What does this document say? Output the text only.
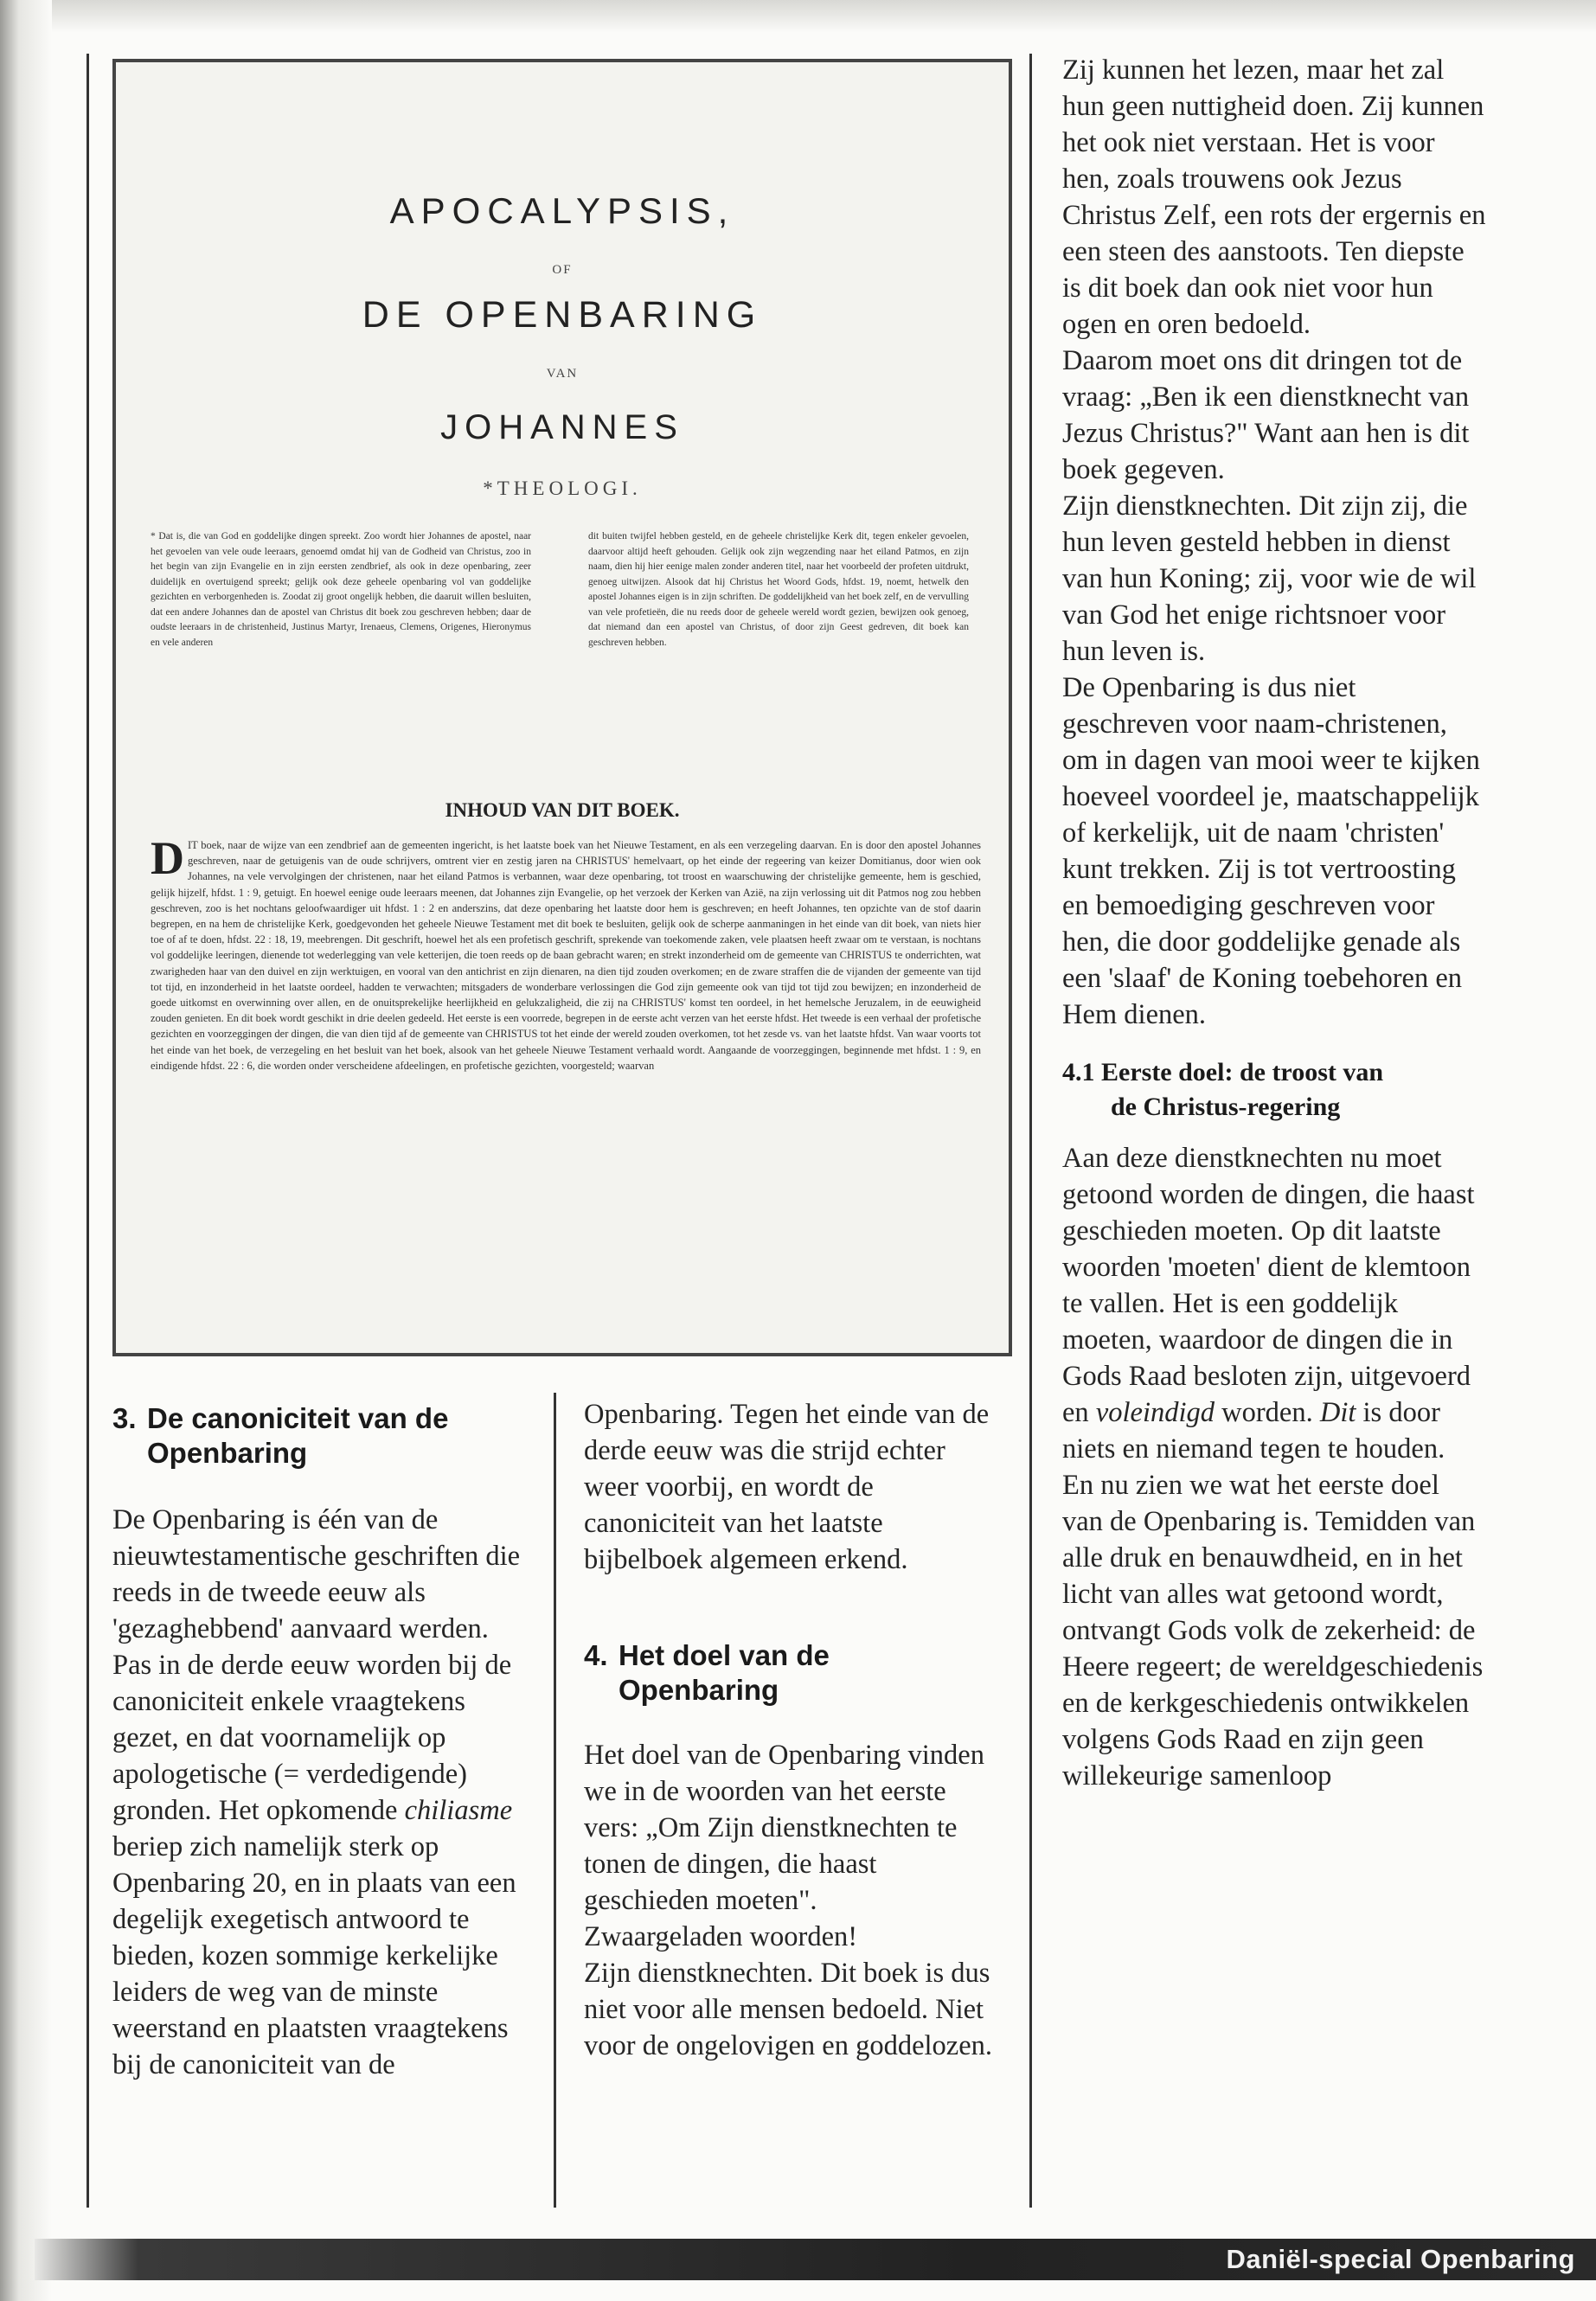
APOCALYPSIS,
OF
DE OPENBARING
VAN
JOHANNES
*THEOLOGI.
* Dat is, die van God en goddelijke dingen spreekt. Zoo wordt hier Johannes de apostel, naar het gevoelen van vele oude leeraars, genoemd omdat hij van de Godheid van Christus, zoo in het begin van zijn Evangelie en in zijn eersten zendbrief, als ook in deze openbaring, zeer duidelijk en overtuigend spreekt; gelijk ook deze geheele openbaring vol van goddelijke gezichten en verborgenheden is. Zoodat zij groot ongelijk hebben, die daaruit willen besluiten, dat een andere Johannes dan de apostel van Christus dit boek zou geschreven hebben; daar de oudste leeraars in de christenheid, Justinus Martyr, Irenaeus, Clemens, Origenes, Hieronymus en vele anderen
dit buiten twijfel hebben gesteld, en de geheele christelijke Kerk dit, tegen enkeler gevoelen, daarvoor altijd heeft gehouden. Gelijk ook zijn wegzending naar het eiland Patmos, en zijn naam, dien hij hier eenige malen zonder anderen titel, naar het voorbeeld der profeten uitdrukt, genoeg uitwijzen. Alsook dat hij Christus het Woord Gods, hfdst. 19, noemt, hetwelk den apostel Johannes eigen is in zijn schriften. De goddelijkheid van het boek zelf, en de vervulling van vele profetieën, die nu reeds door de geheele wereld wordt gezien, bewijzen ook genoeg, dat niemand dan een apostel van Christus, of door zijn Geest gedreven, dit boek kan geschreven hebben.
INHOUD VAN DIT BOEK.
DIT boek, naar de wijze van een zendbrief aan de gemeenten ingericht, is het laatste boek van het Nieuwe Testament, en als een verzegeling daarvan. En is door den apostel Johannes geschreven, naar de getuigenis van de oude schrijvers, omtrent vier en zestig jaren na CHRISTUS' hemelvaart, op het einde der regeering van keizer Domitianus, door wien ook Johannes, na vele vervolgingen der christenen, naar het eiland Patmos is verbannen, waar deze openbaring, tot troost en waarschuwing der christelijke gemeente, hem is geschied, gelijk hijzelf, hfdst. 1 : 9, getuigt. En hoewel eenige oude leeraars meenen, dat Johannes zijn Evangelie, op het verzoek der Kerken van Azië, na zijn verlossing uit dit Patmos nog zou hebben geschreven, zoo is het nochtans geloofwaardiger uit hfdst. 1 : 2 en anderszins, dat deze openbaring het laatste door hem is geschreven; en heeft Johannes, ten opzichte van de stof daarin begrepen, en na hem de christelijke Kerk, goedgevonden het geheele Nieuwe Testament met dit boek te besluiten, gelijk ook de scherpe aanmaningen in het einde van dit boek, van niets hier toe of af te doen, hfdst. 22 : 18, 19, meebrengen. Dit geschrift, hoewel het als een profetisch geschrift, sprekende van toekomende zaken, vele plaatsen heeft zwaar om te verstaan, is nochtans vol goddelijke leeringen, dienende tot wederlegging van vele ketterijen, die toen reeds op de baan gebracht waren; en strekt inzonderheid om de gemeente van CHRISTUS te onderrichten, wat zwarigheden haar van den duivel en zijn werktuigen, en vooral van den antichrist en zijn dienaren, na dien tijd zouden overkomen; en de zware straffen die de vijanden der gemeente van tijd tot tijd, en inzonderheid in het laatste oordeel, hadden te verwachten; mitsgaders de wonderbare verlossingen die God zijn gemeente ook van tijd tot tijd zou bewijzen; en inzonderheid de goede uitkomst en overwinning over allen, en de onuitsprekelijke heerlijkheid en gelukzaligheid, die zij na CHRISTUS' komst ten oordeel, in het hemelsche Jeruzalem, in de eeuwigheid zouden genieten. En dit boek wordt geschikt in drie deelen gedeeld. Het eerste is een voorrede, begrepen in de eerste acht verzen van het eerste hfdst. Het tweede is een verhaal der profetische gezichten en voorzeggingen der dingen, die van dien tijd af de gemeente van CHRISTUS tot het einde der wereld zouden overkomen, tot het zesde vs. van het laatste hfdst. Van waar voorts tot het einde van het boek, de verzegeling en het besluit van het boek, alsook van het geheele Nieuwe Testament verhaald wordt. Aangaande de voorzeggingen, beginnende met hfdst. 1 : 9, en eindigende hfdst. 22 : 6, die worden onder verscheidene afdeelingen, en profetische gezichten, voorgesteld; waarvan
3. De canoniciteit van de
Openbaring

De Openbaring is één van de nieuwtestamentische geschriften die reeds in de tweede eeuw als 'gezaghebbend' aanvaard werden. Pas in de derde eeuw worden bij de canoniciteit enkele vraagtekens gezet, en dat voornamelijk op apologetische (= verdedigende) gronden. Het opkomende chiliasme beriep zich namelijk sterk op Openbaring 20, en in plaats van een degelijk exegetisch antwoord te bieden, kozen sommige kerkelijke leiders de weg van de minste weerstand en plaatsten vraagtekens bij de canoniciteit van de

Openbaring. Tegen het einde van de derde eeuw was die strijd echter weer voorbij, en wordt de canoniciteit van het laatste bijbelboek algemeen erkend.

4. Het doel van de
Openbaring

Het doel van de Openbaring vinden we in de woorden van het eerste vers: „Om Zijn dienstknechten te tonen de dingen, die haast geschieden moeten".

Zwaargeladen woorden!

Zijn dienstknechten. Dit boek is dus niet voor alle mensen bedoeld. Niet voor de ongelovigen en goddelozen.

Zij kunnen het lezen, maar het zal hun geen nuttigheid doen. Zij kunnen het ook niet verstaan. Het is voor hen, zoals trouwens ook Jezus Christus Zelf, een rots der ergernis en een steen des aanstoots. Ten diepste is dit boek dan ook niet voor hun ogen en oren bedoeld.

Daarom moet ons dit dringen tot de vraag: „Ben ik een dienstknecht van Jezus Christus?" Want aan hen is dit boek gegeven.

Zijn dienstknechten. Dit zijn zij, die hun leven gesteld hebben in dienst van hun Koning; zij, voor wie de wil van God het enige richtsnoer voor hun leven is.

De Openbaring is dus niet geschreven voor naam-christenen, om in dagen van mooi weer te kijken hoeveel voordeel je, maatschappelijk of kerkelijk, uit de naam 'christen' kunt trekken. Zij is tot vertroosting en bemoediging geschreven voor hen, die door goddelijke genade als een 'slaaf' de Koning toebehoren en Hem dienen.

4.1 Eerste doel: de troost van
de Christus-regering

Aan deze dienstknechten nu moet getoond worden de dingen, die haast geschieden moeten. Op dit laatste woorden 'moeten' dient de klemtoon te vallen. Het is een goddelijk moeten, waardoor de dingen die in Gods Raad besloten zijn, uitgevoerd en voleindigd worden. Dit is door niets en niemand tegen te houden.

En nu zien we wat het eerste doel van de Openbaring is. Temidden van alle druk en benauwdheid, en in het licht van alles wat getoond wordt, ontvangt Gods volk de zekerheid: de Heere regeert; de wereldgeschiedenis en de kerkgeschiedenis ontwikkelen volgens Gods Raad en zijn geen willekeurige samenloop

Daniël-special Openbaring
